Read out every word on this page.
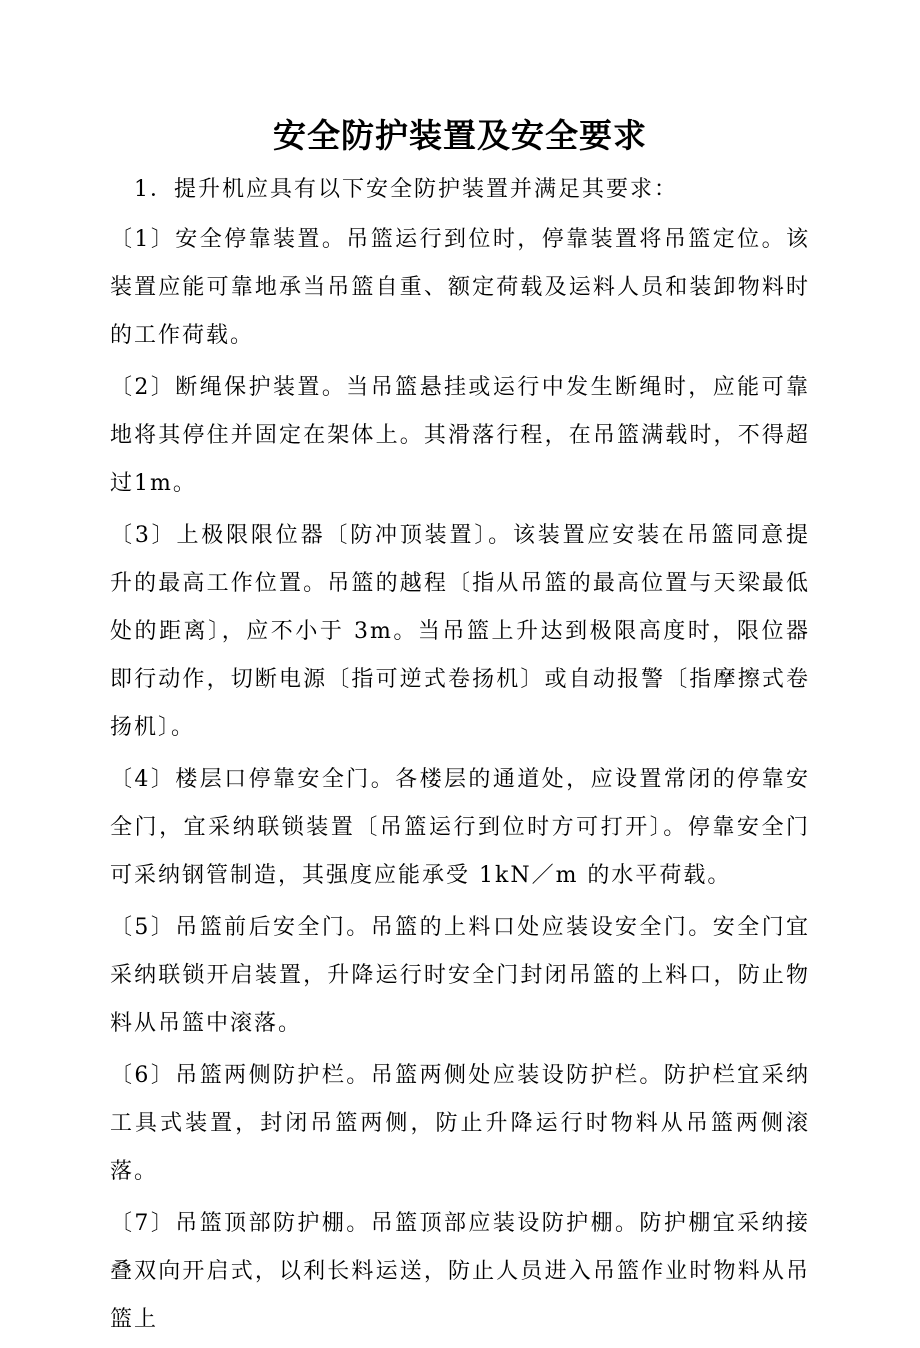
安全防护装置及安全要求

1．提升机应具有以下安全防护装置并满足其要求：

〔1〕安全停靠装置。吊篮运行到位时，停靠装置将吊篮定位。该装置应能可靠地承当吊篮自重、额定荷载及运料人员和装卸物料时的工作荷载。

〔2〕断绳保护装置。当吊篮悬挂或运行中发生断绳时，应能可靠地将其停住并固定在架体上。其滑落行程，在吊篮满载时，不得超过1m。

〔3〕上极限限位器〔防冲顶装置〕。该装置应安装在吊篮同意提升的最高工作位置。吊篮的越程〔指从吊篮的最高位置与天梁最低处的距离〕，应不小于 3m。当吊篮上升达到极限高度时，限位器即行动作，切断电源〔指可逆式卷扬机〕或自动报警〔指摩擦式卷扬机〕。

〔4〕楼层口停靠安全门。各楼层的通道处，应设置常闭的停靠安全门，宜采纳联锁装置〔吊篮运行到位时方可打开〕。停靠安全门可采纳钢管制造，其强度应能承受 1kN／m 的水平荷载。

〔5〕吊篮前后安全门。吊篮的上料口处应装设安全门。安全门宜采纳联锁开启装置，升降运行时安全门封闭吊篮的上料口，防止物料从吊篮中滚落。

〔6〕吊篮两侧防护栏。吊篮两侧处应装设防护栏。防护栏宜采纳工具式装置，封闭吊篮两侧，防止升降运行时物料从吊篮两侧滚落。

〔7〕吊篮顶部防护棚。吊篮顶部应装设防护棚。防护棚宜采纳接叠双向开启式，以利长料运送，防止人员进入吊篮作业时物料从吊篮上
